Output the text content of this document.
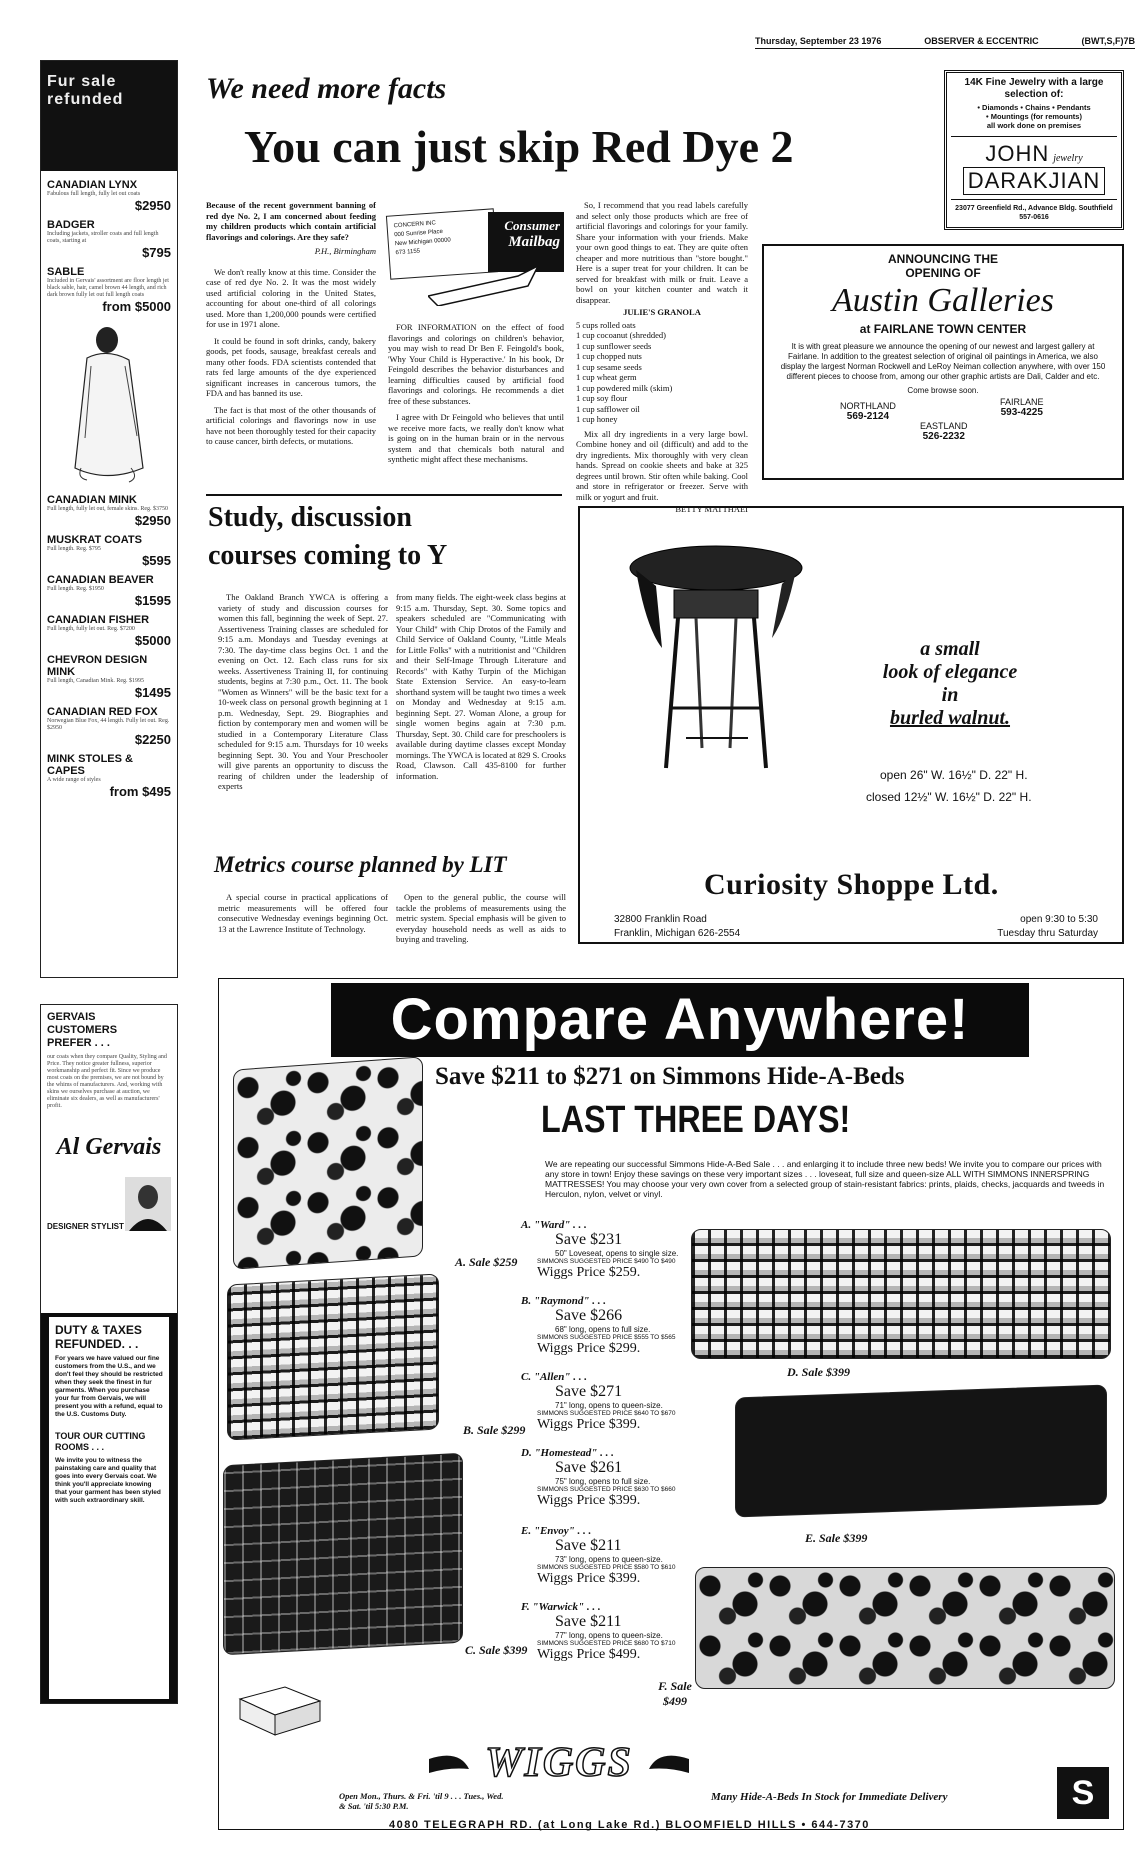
Thursday, September 23 1976	OBSERVER & ECCENTRIC	(BWT,S,F)7B
Fur sale refunded
CANADIAN LYNX
Fabulous full length, fully let out coats
$2950
BADGER
Including jackets, stroller coats and full length coats, starting at
$795
SABLE
Included in Gervais' assortment are floor length jet black sable, hair, camel brown 44 length, and rich dark brown fully let out full length coats
from $5000
CANADIAN MINK
Full length, fully let out, female skins. Reg. $3750
$2950
MUSKRAT COATS
Full length. Reg. $795
$595
CANADIAN BEAVER
Full length. Reg. $1950
$1595
CANADIAN FISHER
Full length, fully let out. Reg. $7200
$5000
CHEVRON DESIGN MINK
Full length, Canadian Mink. Reg. $1995
$1495
CANADIAN RED FOX
Norwegian Blue Fox, 44 length. Fully let out. Reg. $2950
$2250
MINK STOLES & CAPES
A wide range of styles
from $495
GERVAIS CUSTOMERS PREFER . . .
our coats when they compare Quality, Styling and Price. They notice greater fullness, superior workmanship and perfect fit. Since we produce most coats on the premises, we are not bound by the whims of manufacturers. And, working with skins we ourselves purchase at auction, we eliminate six dealers, as well as manufacturers' profit.
Al Gervais
DESIGNER STYLIST
DUTY & TAXES REFUNDED. . .
For years we have valued our fine customers from the U.S., and we don't feel they should be restricted when they seek the finest in fur garments. When you purchase your fur from Gervais, we will present you with a refund, equal to the U.S. Customs Duty.
TOUR OUR CUTTING ROOMS . . .
We invite you to witness the painstaking care and quality that goes into every Gervais coat. We think you'll appreciate knowing that your garment has been styled with such extraordinary skill.
We need more facts
You can just skip Red Dye 2

Because of the recent government banning of red dye No. 2, I am concerned about feeding my children products which contain artificial flavorings and colorings. Are they safe?

P.H., Birmingham

We don't really know at this time. Consider the case of red dye No. 2. It was the most widely used artificial coloring in the United States, accounting for about one-third of all colorings used. More than 1,200,000 pounds were certified for use in 1971 alone.

It could be found in soft drinks, candy, bakery goods, pet foods, sausage, breakfast cereals and many other foods. FDA scientists contended that rats fed large amounts of the dye experienced significant increases in cancerous tumors, the FDA and has banned its use.

The fact is that most of the other thousands of artificial colorings and flavorings now in use have not been thoroughly tested for their capacity to cause cancer, birth defects, or mutations.

CONCERN INC
000 Sunrise Place
New Michigan 00000
673 1155
Consumer
Mailbag

FOR INFORMATION on the effect of food flavorings and colorings on children's behavior, you may wish to read Dr Ben F. Feingold's book, 'Why Your Child is Hyperactive.' In his book, Dr Feingold describes the behavior disturbances and learning difficulties caused by artificial food flavorings and colorings. He recommends a diet free of these substances.

I agree with Dr Feingold who believes that until we receive more facts, we really don't know what is going on in the human brain or in the nervous system and that chemicals both natural and synthetic might affect these mechanisms.

So, I recommend that you read labels carefully and select only those products which are free of artificial flavorings and colorings for your family. Share your information with your friends. Make your own good things to eat. They are quite often cheaper and more nutritious than "store bought." Here is a super treat for your children. It can be served for breakfast with milk or fruit. Leave a bowl on your kitchen counter and watch it disappear.

JULIE'S GRANOLA

5 cups rolled oats
1 cup cocoanut (shredded)
1 cup sunflower seeds
1 cup chopped nuts
1 cup sesame seeds
1 cup wheat germ
1 cup powdered milk (skim)
1 cup soy flour
1 cup safflower oil
1 cup honey

Mix all dry ingredients in a very large bowl. Combine honey and oil (difficult) and add to the dry ingredients. Mix thoroughly with very clean hands. Spread on cookie sheets and bake at 325 degrees until brown. Stir often while baking. Cool and store in refrigerator or freezer. Serve with milk or yogurt and fruit.

BETTY MATTHAEI

14K Fine Jewelry with a large selection of:
• Diamonds • Chains • Pendants
• Mountings (for remounts)
all work done on premises
JOHN jewelry DARAKJIAN
23077 Greenfield Rd., Advance Bldg. Southfield 557-0616
ANNOUNCING THE
OPENING OF
Austin Galleries
at FAIRLANE TOWN CENTER
It is with great pleasure we announce the opening of our newest and largest gallery at Fairlane. In addition to the greatest selection of original oil paintings in America, we also display the largest Norman Rockwell and LeRoy Neiman collection anywhere, with over 150 different pieces to choose from, among our other graphic artists are Dali, Calder and etc.
Come browse soon.
NORTHLAND
569-2124
EASTLAND
526-2232
FAIRLANE
593-4225
Study, discussion
courses coming to Y
The Oakland Branch YWCA is offering a variety of study and discussion courses for women this fall, beginning the week of Sept. 27. Assertiveness Training classes are scheduled for 9:15 a.m. Mondays and Tuesday evenings at 7:30. The day-time class begins Oct. 1 and the evening on Oct. 12. Each class runs for six weeks. Assertiveness Training II, for continuing students, begins at 7:30 p.m., Oct. 11. The book "Women as Winners" will be the basic text for a 10-week class on personal growth beginning at 1 p.m. Wednesday, Sept. 29. Biographies and fiction by contemporary men and women will be studied in a Contemporary Literature Class scheduled for 9:15 a.m. Thursdays for 10 weeks beginning Sept. 30. You and Your Preschooler will give parents an opportunity to discuss the rearing of children under the leadership of experts
from many fields. The eight-week class begins at 9:15 a.m. Thursday, Sept. 30. Some topics and speakers scheduled are "Communicating with Your Child" with Chip Drotos of the Family and Child Service of Oakland County, "Little Meals for Little Folks" with a nutritionist and "Children and their Self-Image Through Literature and Records" with Kathy Turpin of the Michigan State Extension Service. An easy-to-learn shorthand system will be taught two times a week on Monday and Wednesday at 9:15 a.m. beginning Sept. 27. Woman Alone, a group for single women begins again at 7:30 p.m. Thursday, Sept. 30. Child care for preschoolers is available during daytime classes except Monday mornings. The YWCA is located at 829 S. Crooks Road, Clawson. Call 435-8100 for further information.
Metrics course planned by LIT
A special course in practical applications of metric measurements will be offered four consecutive Wednesday evenings beginning Oct. 13 at the Lawrence Institute of Technology.
Open to the general public, the course will tackle the problems of measurements using the metric system. Special emphasis will be given to everyday household needs as well as aids to buying and traveling.
a small
look of elegance
in
burled walnut.
open 26" W. 16½" D. 22" H.
closed 12½" W. 16½" D. 22" H.
Curiosity Shoppe Ltd.
32800 Franklin Road
Franklin, Michigan 626-2554
open 9:30 to 5:30
Tuesday thru Saturday
Compare Anywhere!
Save $211 to $271 on Simmons Hide-A-Beds
LAST THREE DAYS!
We are repeating our successful Simmons Hide-A-Bed Sale . . . and enlarging it to include three new beds! We invite you to compare our prices with any store in town! Enjoy these savings on these very important sizes . . . loveseat, full size and queen-size ALL WITH SIMMONS INNERSPRING MATTRESSES! You may choose your very own cover from a selected group of stain-resistant fabrics: prints, plaids, checks, jacquards and tweeds in Herculon, nylon, velvet or vinyl.
A. Sale $259
B. Sale $299
C. Sale $399
A. "Ward" . . .
Save $231
50" Loveseat, opens to single size.
SIMMONS SUGGESTED PRICE $490 TO $490
Wiggs Price $259.
B. "Raymond" . . .
Save $266
68" long, opens to full size.
SIMMONS SUGGESTED PRICE $555 TO $565
Wiggs Price $299.
C. "Allen" . . .
Save $271
71" long, opens to queen-size.
SIMMONS SUGGESTED PRICE $640 TO $670
Wiggs Price $399.
D. "Homestead" . . .
Save $261
75" long, opens to full size.
SIMMONS SUGGESTED PRICE $630 TO $660
Wiggs Price $399.
E. "Envoy" . . .
Save $211
73" long, opens to queen-size.
SIMMONS SUGGESTED PRICE $580 TO $610
Wiggs Price $399.
F. "Warwick" . . .
Save $211
77" long, opens to queen-size.
SIMMONS SUGGESTED PRICE $680 TO $710
Wiggs Price $499.
D. Sale $399
E. Sale $399
F. Sale $499
WIGGS
Open Mon., Thurs. & Fri. 'til 9 . . . Tues., Wed. & Sat. 'til 5:30 P.M.
Many Hide-A-Beds In Stock for Immediate Delivery	S
4080 TELEGRAPH RD. (at Long Lake Rd.) BLOOMFIELD HILLS • 644-7370
